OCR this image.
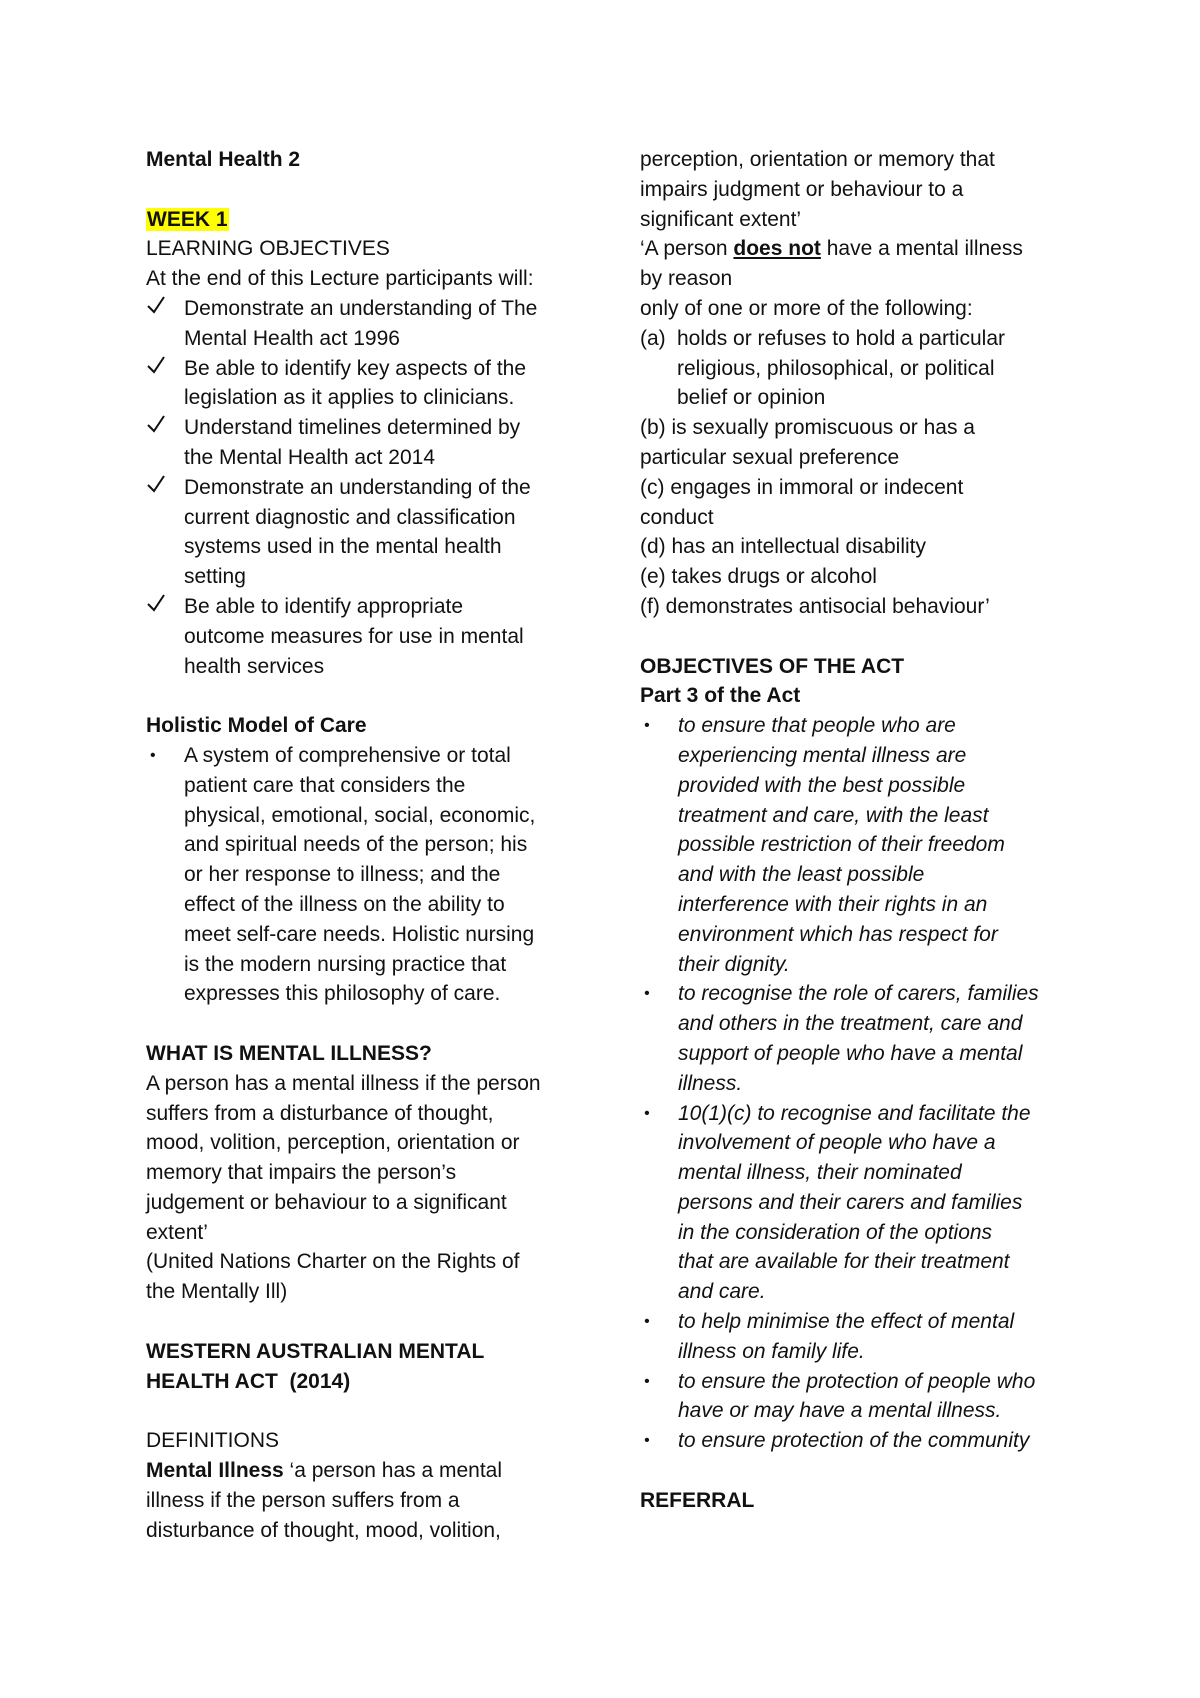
Mental Health 2
WEEK 1
LEARNING OBJECTIVES
At the end of this Lecture participants will:
Demonstrate an understanding of The
Mental Health act 1996
Be able to identify key aspects of the
legislation as it applies to clinicians.
Understand timelines determined by
the Mental Health act 2014
Demonstrate an understanding of the
current diagnostic and classification
systems used in the mental health
setting
Be able to identify appropriate
outcome measures for use in mental
health services
Holistic Model of Care
• A system of comprehensive or total
patient care that considers the
physical, emotional, social, economic,
and spiritual needs of the person; his
or her response to illness; and the
effect of the illness on the ability to
meet self-care needs. Holistic nursing
is the modern nursing practice that
expresses this philosophy of care.
WHAT IS MENTAL ILLNESS?
A person has a mental illness if the person
suffers from a disturbance of thought,
mood, volition, perception, orientation or
memory that impairs the person’s
judgement or behaviour to a significant
extent’
(United Nations Charter on the Rights of
the Mentally Ill)
WESTERN AUSTRALIAN MENTAL
HEALTH ACT  (2014)
DEFINITIONS
Mental Illness ‘a person has a mental
illness if the person suffers from a
disturbance of thought, mood, volition,
perception, orientation or memory that
impairs judgment or behaviour to a
significant extent’
‘A person does not have a mental illness
by reason
only of one or more of the following:
(a) holds or refuses to hold a particular
religious, philosophical, or political
belief or opinion
(b) is sexually promiscuous or has a
particular sexual preference
(c) engages in immoral or indecent
conduct
(d) has an intellectual disability
(e) takes drugs or alcohol
(f) demonstrates antisocial behaviour’
OBJECTIVES OF THE ACT
Part 3 of the Act
• to ensure that people who are
experiencing mental illness are
provided with the best possible
treatment and care, with the least
possible restriction of their freedom
and with the least possible
interference with their rights in an
environment which has respect for
their dignity.
• to recognise the role of carers, families
and others in the treatment, care and
support of people who have a mental
illness.
• 10(1)(c) to recognise and facilitate the
involvement of people who have a
mental illness, their nominated
persons and their carers and families
in the consideration of the options
that are available for their treatment
and care.
• to help minimise the effect of mental
illness on family life.
• to ensure the protection of people who
have or may have a mental illness.
• to ensure protection of the community
REFERRAL
